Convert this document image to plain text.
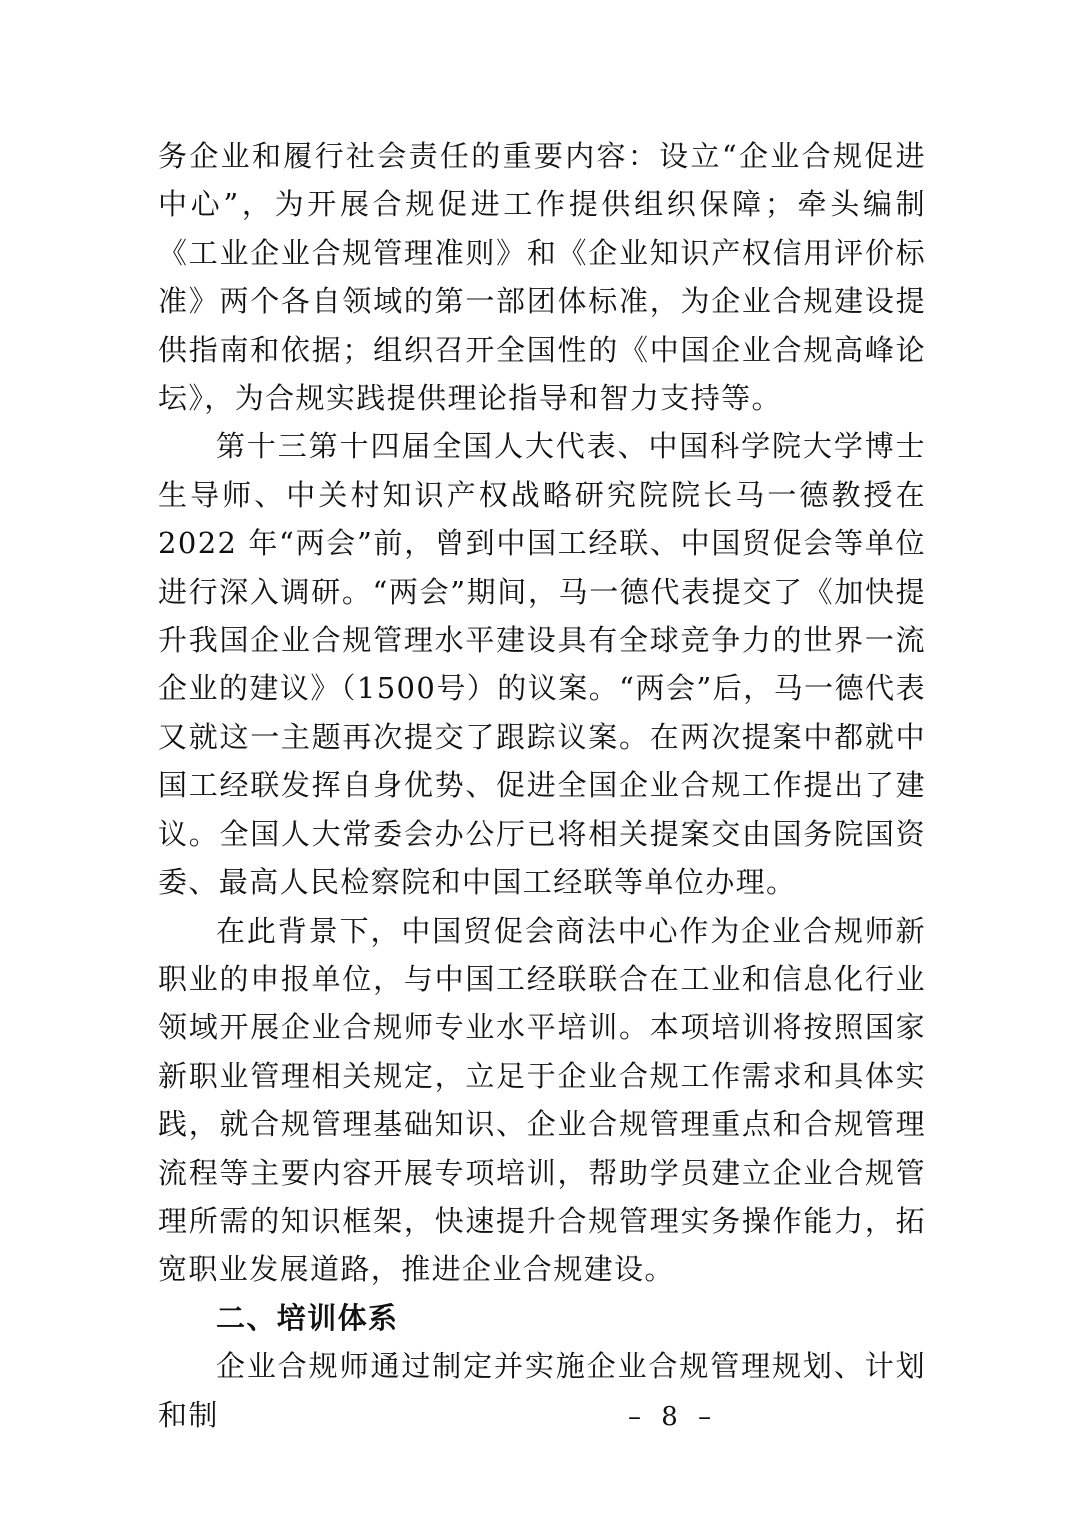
务企业和履行社会责任的重要内容：设立“企业合规促进中心”，为开展合规促进工作提供组织保障；牵头编制《工业企业合规管理准则》和《企业知识产权信用评价标准》两个各自领域的第一部团体标准，为企业合规建设提供指南和依据；组织召开全国性的《中国企业合规高峰论坛》，为合规实践提供理论指导和智力支持等。

第十三第十四届全国人大代表、中国科学院大学博士生导师、中关村知识产权战略研究院院长马一德教授在 2022 年“两会”前，曾到中国工经联、中国贸促会等单位进行深入调研。“两会”期间，马一德代表提交了《加快提升我国企业合规管理水平建设具有全球竞争力的世界一流企业的建议》（1500号）的议案。“两会”后，马一德代表又就这一主题再次提交了跟踪议案。在两次提案中都就中国工经联发挥自身优势、促进全国企业合规工作提出了建议。全国人大常委会办公厅已将相关提案交由国务院国资委、最高人民检察院和中国工经联等单位办理。

在此背景下，中国贸促会商法中心作为企业合规师新职业的申报单位，与中国工经联联合在工业和信息化行业领域开展企业合规师专业水平培训。本项培训将按照国家新职业管理相关规定，立足于企业合规工作需求和具体实践，就合规管理基础知识、企业合规管理重点和合规管理流程等主要内容开展专项培训，帮助学员建立企业合规管理所需的知识框架，快速提升合规管理实务操作能力，拓宽职业发展道路，推进企业合规建设。

二、培训体系

企业合规师通过制定并实施企业合规管理规划、计划和制	– 8 –
